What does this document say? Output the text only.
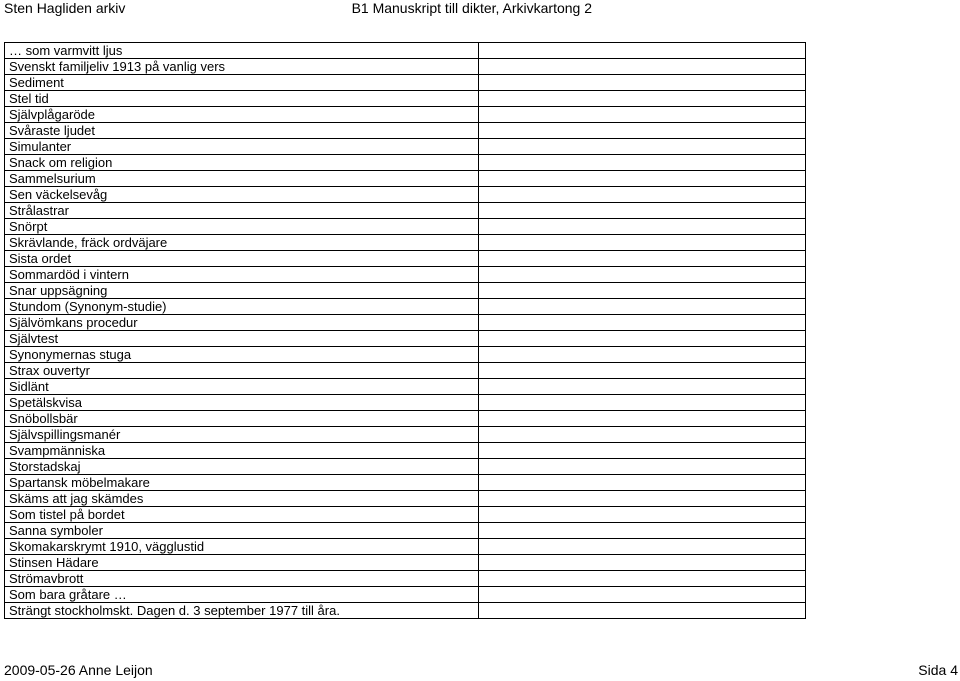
Sten Hagliden arkiv	B1 Manuskript till dikter, Arkivkartong 2
… som varmvitt ljus	
Svenskt familjeliv 1913 på vanlig vers	
Sediment	
Stel tid	
Självplågaröde	
Svåraste ljudet	
Simulanter	
Snack om religion	
Sammelsurium	
Sen väckelsevåg	
Strålastrar	
Snörpt	
Skrävlande, fräck ordväjare	
Sista ordet	
Sommardöd i vintern	
Snar uppsägning	
Stundom (Synonym-studie)	
Självömkans procedur	
Självtest	
Synonymernas stuga	
Strax ouvertyr	
Sidlänt	
Spetälskvisa	
Snöbollsbär	
Självspillingsmanér	
Svampmänniska	
Storstadskaj	
Spartansk möbelmakare	
Skäms att jag skämdes	
Som tistel på bordet	
Sanna symboler	
Skomakarskrymt 1910, vägglustid	
Stinsen Hädare	
Strömavbrott	
Som bara gråtare …	
Strängt stockholmskt. Dagen d. 3 september 1977 till åra.	
2009-05-26 Anne Leijon	Sida 4
